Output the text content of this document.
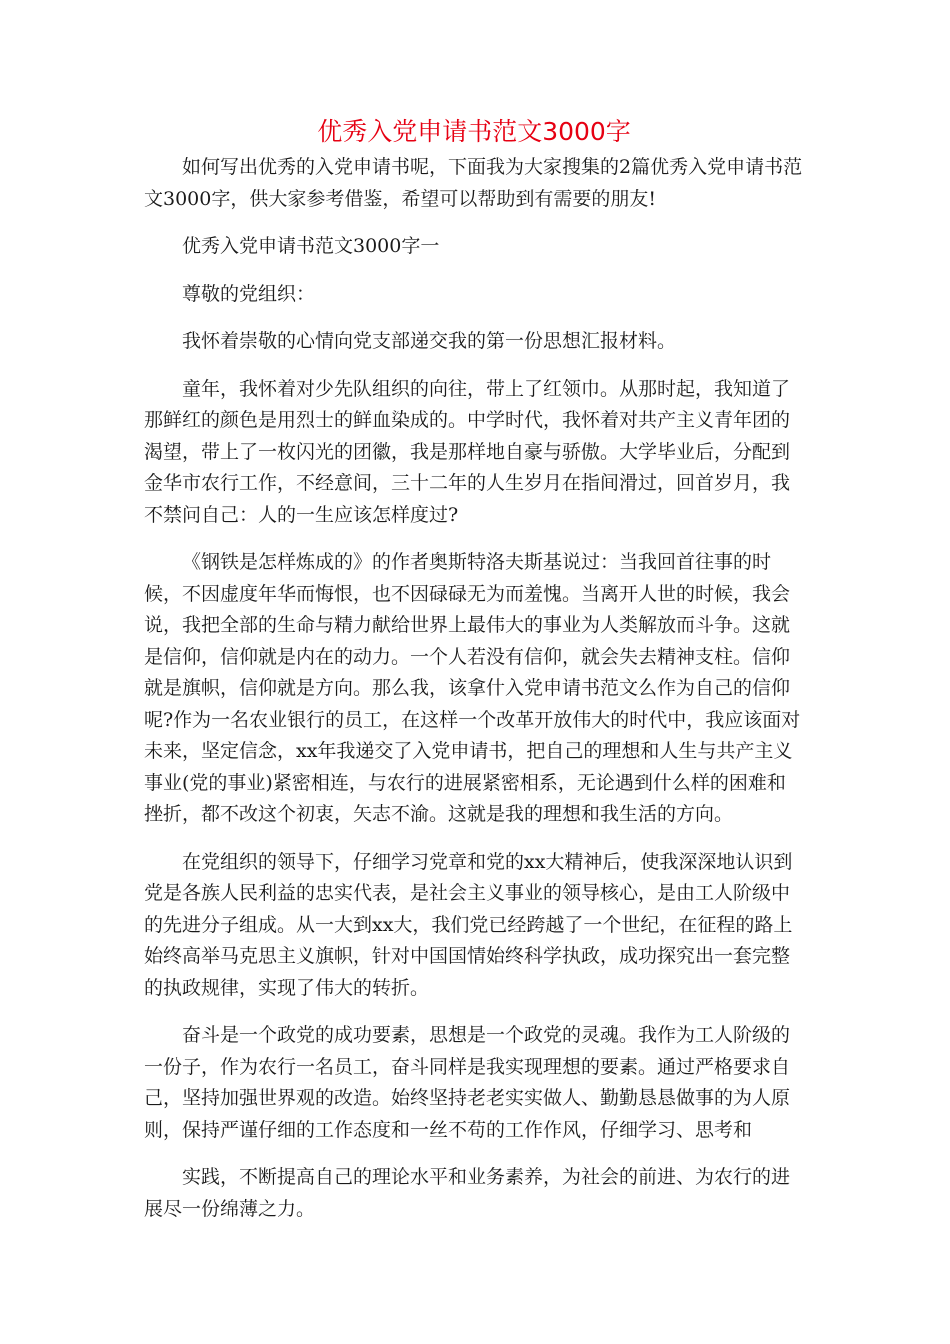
优秀入党申请书范文3000字

如何写出优秀的入党申请书呢，下面我为大家搜集的2篇优秀入党申请书范文3000字，供大家参考借鉴，希望可以帮助到有需要的朋友!

优秀入党申请书范文3000字一

尊敬的党组织：

我怀着崇敬的心情向党支部递交我的第一份思想汇报材料。

童年，我怀着对少先队组织的向往，带上了红领巾。从那时起，我知道了那鲜红的颜色是用烈士的鲜血染成的。中学时代，我怀着对共产主义青年团的渴望，带上了一枚闪光的团徽，我是那样地自豪与骄傲。大学毕业后，分配到金华市农行工作，不经意间，三十二年的人生岁月在指间滑过，回首岁月，我不禁问自己：人的一生应该怎样度过?

《钢铁是怎样炼成的》的作者奥斯特洛夫斯基说过：当我回首往事的时候，不因虚度年华而悔恨，也不因碌碌无为而羞愧。当离开人世的时候，我会说，我把全部的生命与精力献给世界上最伟大的事业为人类解放而斗争。这就是信仰，信仰就是内在的动力。一个人若没有信仰，就会失去精神支柱。信仰就是旗帜，信仰就是方向。那么我，该拿什入党申请书范文么作为自己的信仰呢?作为一名农业银行的员工，在这样一个改革开放伟大的时代中，我应该面对未来，坚定信念，xx年我递交了入党申请书，把自己的理想和人生与共产主义事业(党的事业)紧密相连，与农行的进展紧密相系，无论遇到什么样的困难和挫折，都不改这个初衷，矢志不渝。这就是我的理想和我生活的方向。

在党组织的领导下，仔细学习党章和党的xx大精神后，使我深深地认识到党是各族人民利益的忠实代表，是社会主义事业的领导核心，是由工人阶级中的先进分子组成。从一大到xx大，我们党已经跨越了一个世纪，在征程的路上始终高举马克思主义旗帜，针对中国国情始终科学执政，成功探究出一套完整的执政规律，实现了伟大的转折。

奋斗是一个政党的成功要素，思想是一个政党的灵魂。我作为工人阶级的一份子，作为农行一名员工，奋斗同样是我实现理想的要素。通过严格要求自己，坚持加强世界观的改造。始终坚持老老实实做人、勤勤恳恳做事的为人原则，保持严谨仔细的工作态度和一丝不苟的工作作风，仔细学习、思考和

实践，不断提高自己的理论水平和业务素养，为社会的前进、为农行的进展尽一份绵薄之力。
